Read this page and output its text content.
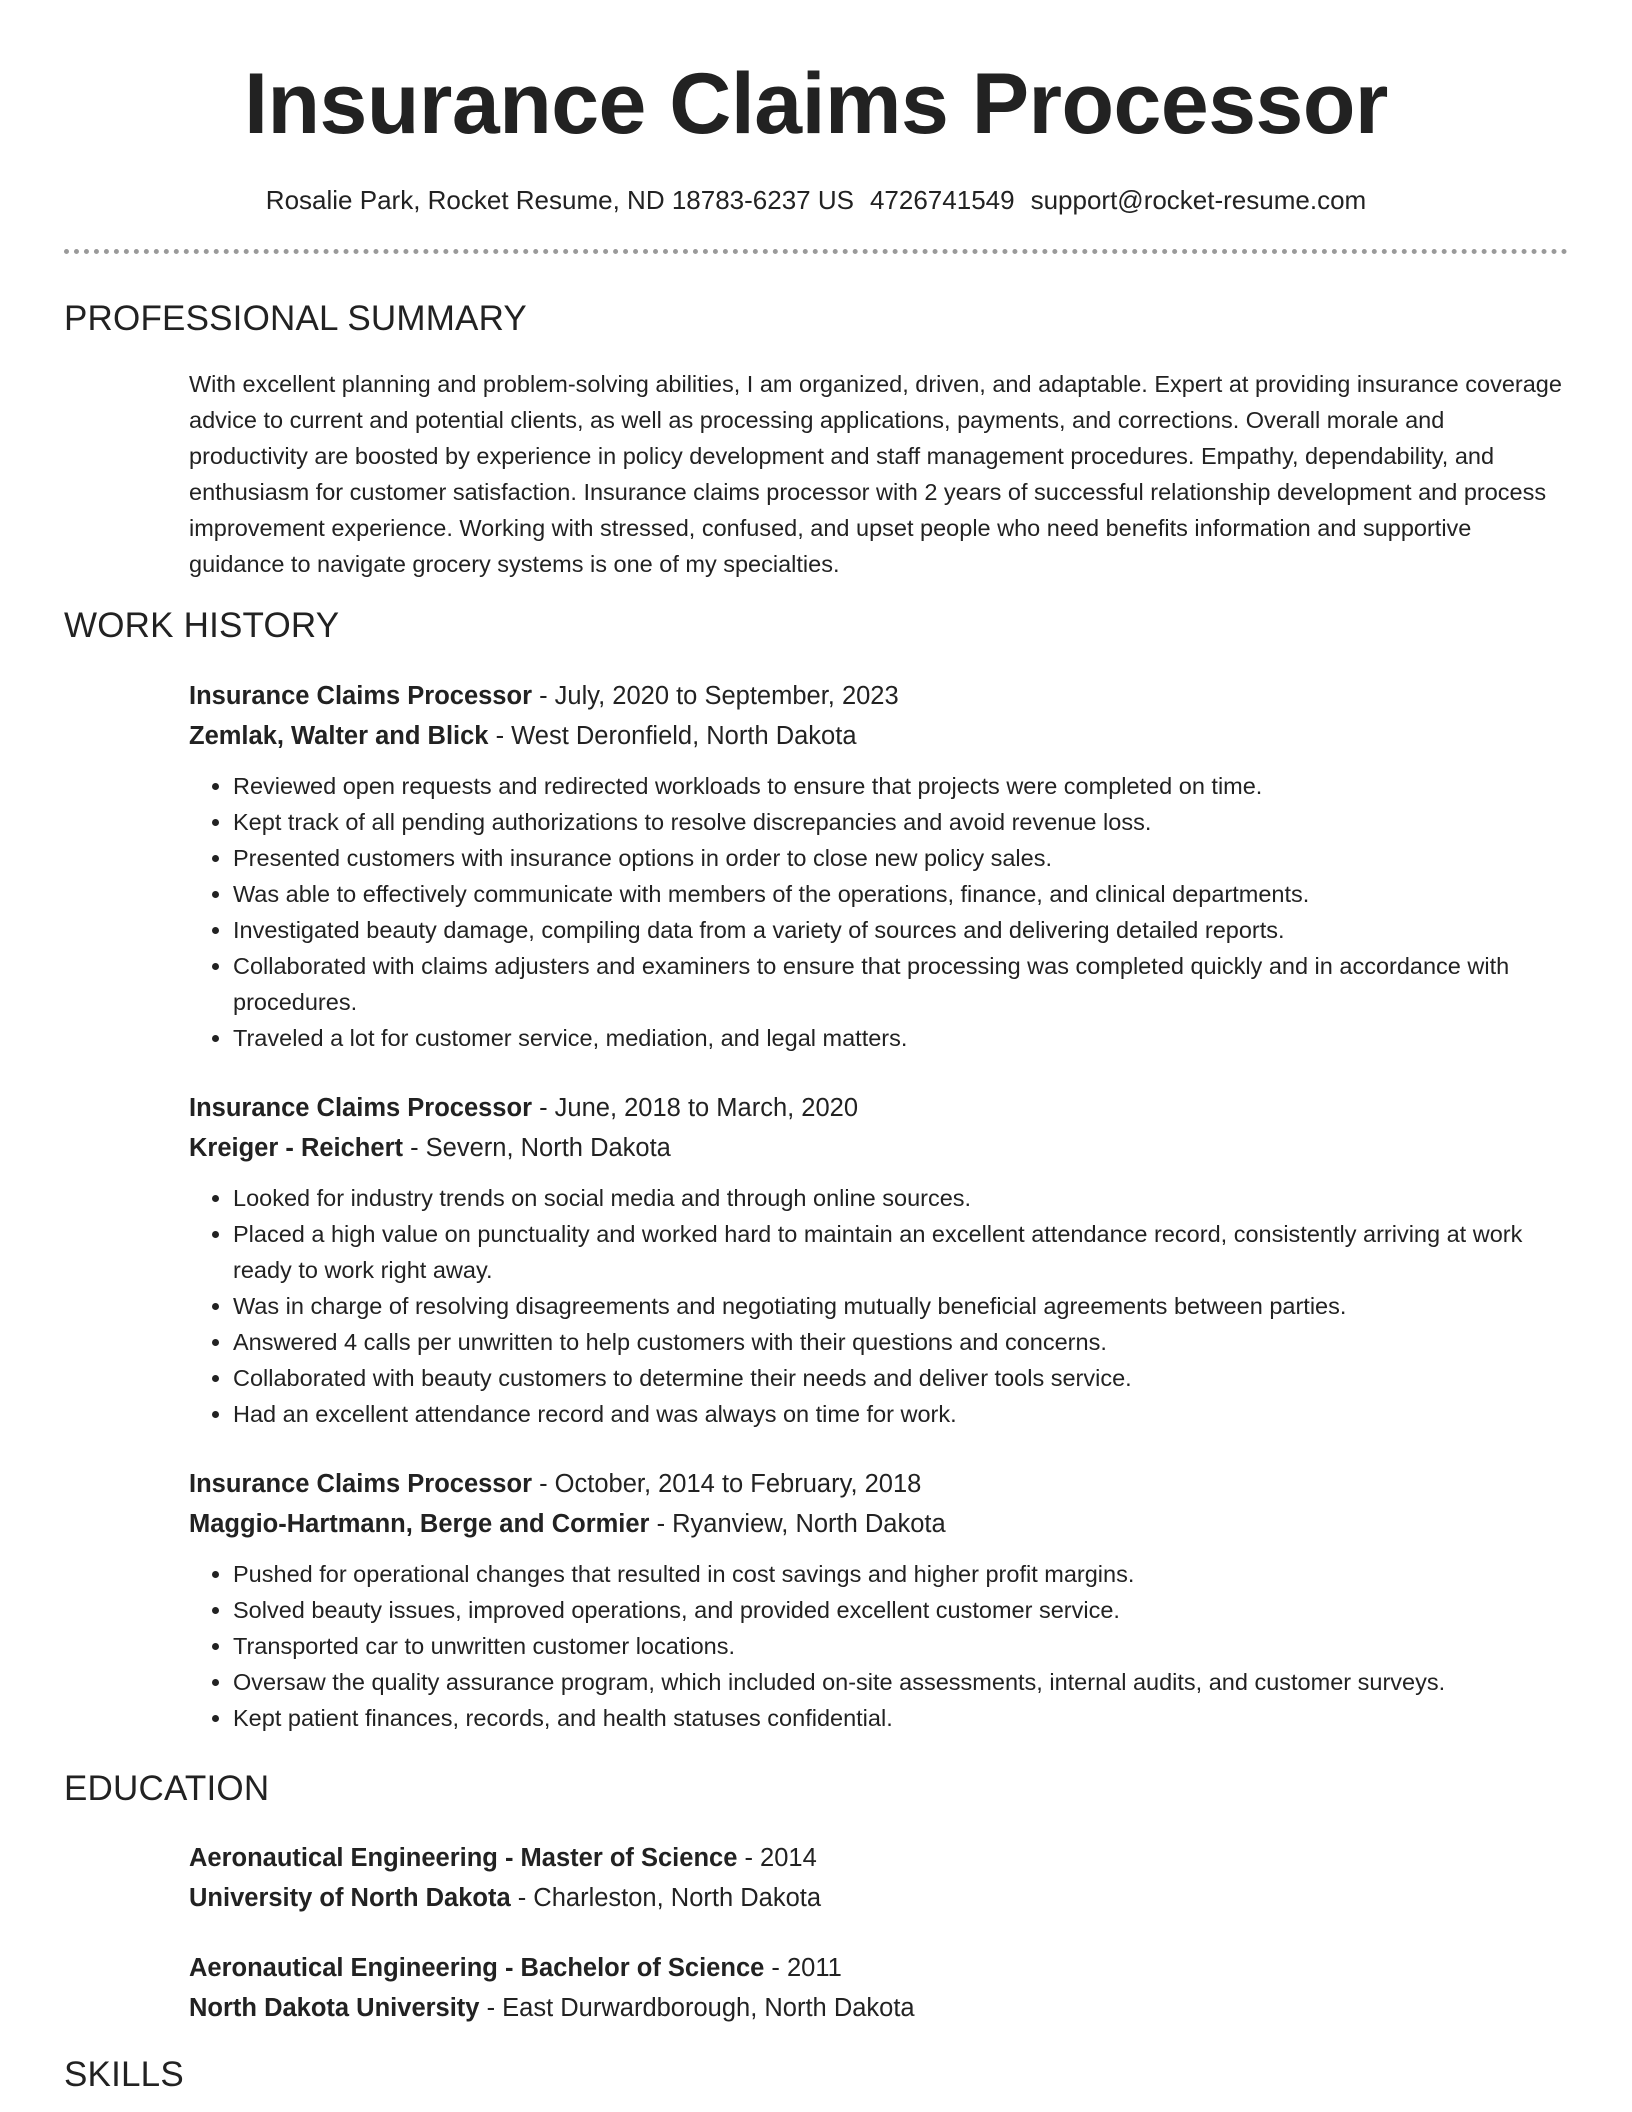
Insurance Claims Processor
Rosalie Park, Rocket Resume, ND 18783-6237 US 4726741549 support@rocket-resume.com
PROFESSIONAL SUMMARY

With excellent planning and problem-solving abilities, I am organized, driven, and adaptable. Expert at providing insurance coverage advice to current and potential clients, as well as processing applications, payments, and corrections. Overall morale and productivity are boosted by experience in policy development and staff management procedures. Empathy, dependability, and enthusiasm for customer satisfaction. Insurance claims processor with 2 years of successful relationship development and process improvement experience. Working with stressed, confused, and upset people who need benefits information and supportive guidance to navigate grocery systems is one of my specialties.

WORK HISTORY
Insurance Claims Processor - July, 2020 to September, 2023
Zemlak, Walter and Blick - West Deronfield, North Dakota
• Reviewed open requests and redirected workloads to ensure that projects were completed on time.
• Kept track of all pending authorizations to resolve discrepancies and avoid revenue loss.
• Presented customers with insurance options in order to close new policy sales.
• Was able to effectively communicate with members of the operations, finance, and clinical departments.
• Investigated beauty damage, compiling data from a variety of sources and delivering detailed reports.
• Collaborated with claims adjusters and examiners to ensure that processing was completed quickly and in accordance with procedures.
• Traveled a lot for customer service, mediation, and legal matters.
Insurance Claims Processor - June, 2018 to March, 2020
Kreiger - Reichert - Severn, North Dakota
• Looked for industry trends on social media and through online sources.
• Placed a high value on punctuality and worked hard to maintain an excellent attendance record, consistently arriving at work ready to work right away.
• Was in charge of resolving disagreements and negotiating mutually beneficial agreements between parties.
• Answered 4 calls per unwritten to help customers with their questions and concerns.
• Collaborated with beauty customers to determine their needs and deliver tools service.
• Had an excellent attendance record and was always on time for work.
Insurance Claims Processor - October, 2014 to February, 2018
Maggio-Hartmann, Berge and Cormier - Ryanview, North Dakota
• Pushed for operational changes that resulted in cost savings and higher profit margins.
• Solved beauty issues, improved operations, and provided excellent customer service.
• Transported car to unwritten customer locations.
• Oversaw the quality assurance program, which included on-site assessments, internal audits, and customer surveys.
• Kept patient finances, records, and health statuses confidential.
EDUCATION
Aeronautical Engineering - Master of Science - 2014
University of North Dakota - Charleston, North Dakota
Aeronautical Engineering - Bachelor of Science - 2011
North Dakota University - East Durwardborough, North Dakota
SKILLS
